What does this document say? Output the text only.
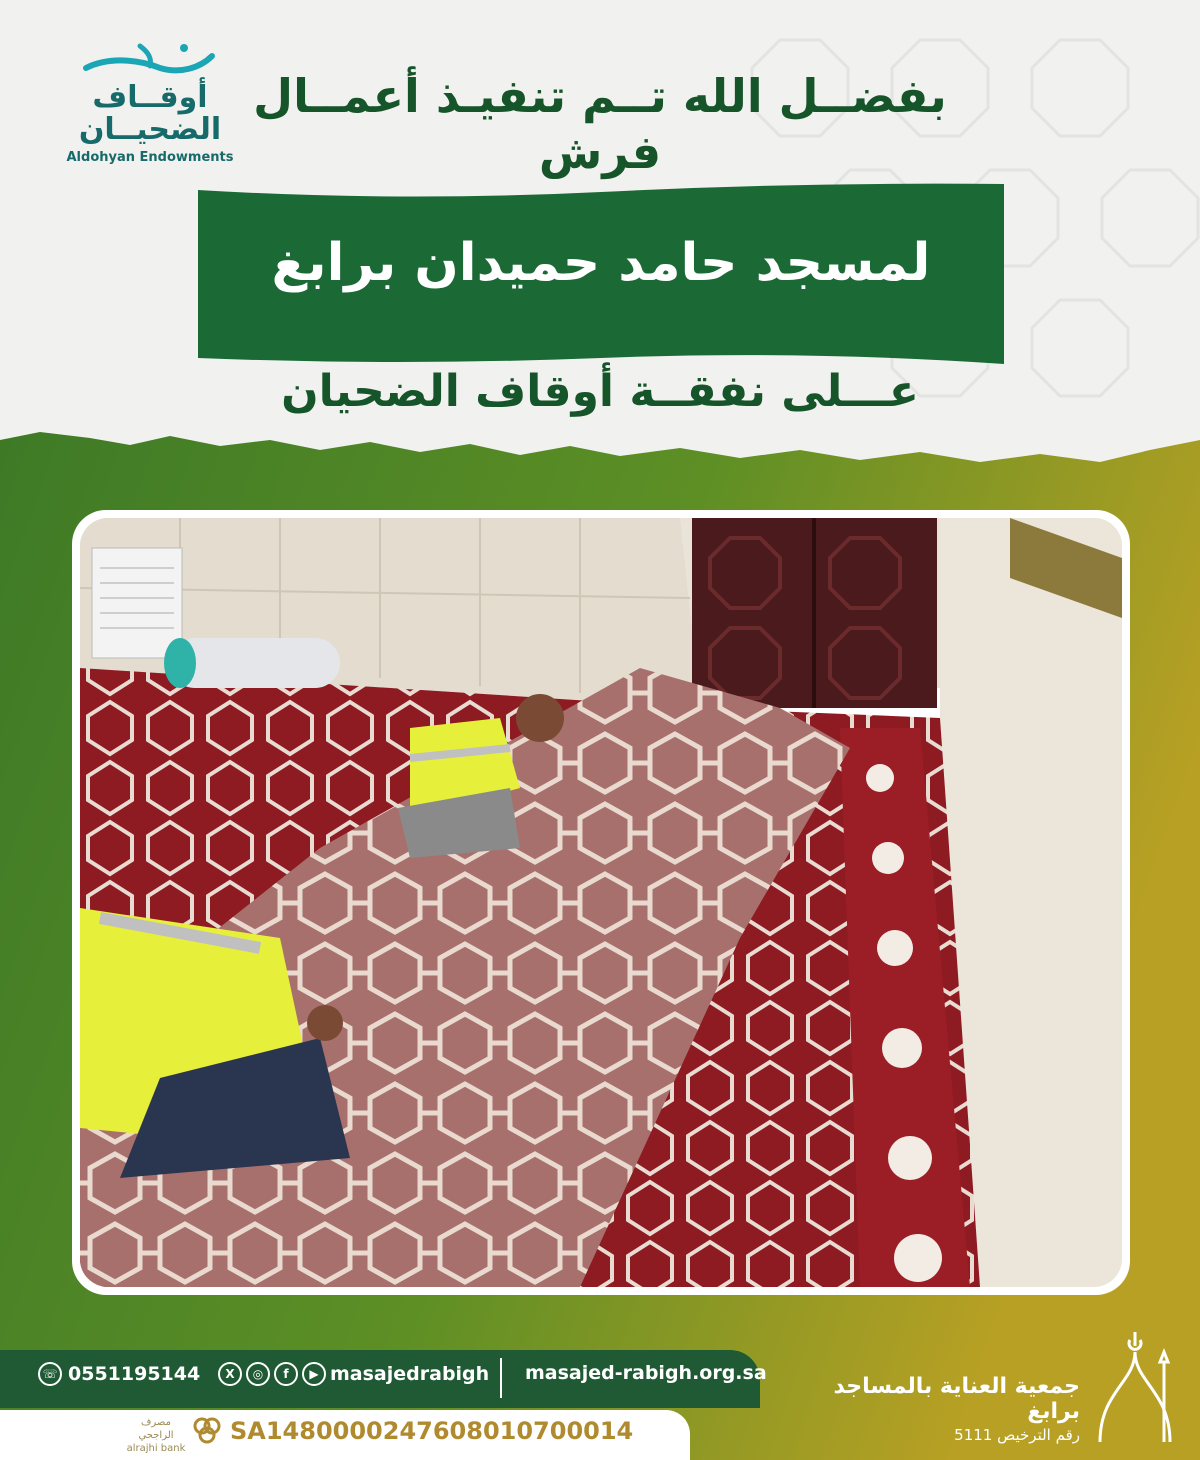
أوقــاف
الضحيــان
Aldohyan Endowments
بفضــل الله تــم تنفيـذ أعمــال
فرش
لمسجد حامد حميدان برابغ
عـــلى نفقــة أوقاف الضحيان
☏ 0551195144	X	◎	f	▶ masajedrabigh masajed-rabigh.org.sa
مصرف الراجحي
alrajhi bank
SA1480000247608010700014
جمعية العناية بالمساجد برابغ
رقم الترخيص 5111
